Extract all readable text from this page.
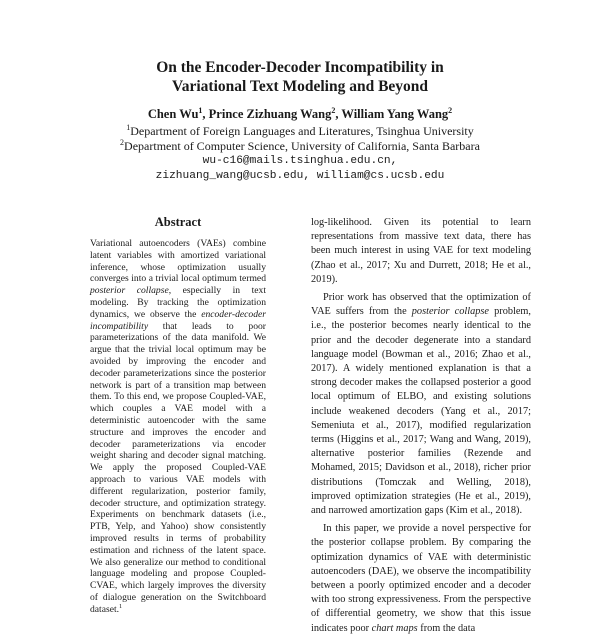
On the Encoder-Decoder Incompatibility in
Variational Text Modeling and Beyond
Chen Wu$^1$, Prince Zizhuang Wang$^2$, William Yang Wang$^2$
$^1$Department of Foreign Languages and Literatures, Tsinghua University
$^2$Department of Computer Science, University of California, Santa Barbara
wu-c16@mails.tsinghua.edu.cn,
zizhuang_wang@ucsb.edu, william@cs.ucsb.edu
Abstract
Variational autoencoders (VAEs) combine latent variables with amortized variational inference, whose optimization usually converges into a trivial local optimum termed posterior collapse, especially in text modeling. By tracking the optimization dynamics, we observe the encoder-decoder incompatibility that leads to poor parameterizations of the data manifold. We argue that the trivial local optimum may be avoided by improving the encoder and decoder parameterizations since the posterior network is part of a transition map between them. To this end, we propose Coupled-VAE, which couples a VAE model with a deterministic autoencoder with the same structure and improves the encoder and decoder parameterizations via encoder weight sharing and decoder signal matching. We apply the proposed Coupled-VAE approach to various VAE models with different regularization, posterior family, decoder structure, and optimization strategy. Experiments on benchmark datasets (i.e., PTB, Yelp, and Yahoo) show consistently improved results in terms of probability estimation and richness of the latent space. We also generalize our method to conditional language modeling and propose Coupled-CVAE, which largely improves the diversity of dialogue generation on the Switchboard dataset.$^1$

log-likelihood. Given its potential to learn representations from massive text data, there has been much interest in using VAE for text modeling (Zhao et al., 2017; Xu and Durrett, 2018; He et al., 2019).

Prior work has observed that the optimization of VAE suffers from the posterior collapse problem, i.e., the posterior becomes nearly identical to the prior and the decoder degenerate into a standard language model (Bowman et al., 2016; Zhao et al., 2017). A widely mentioned explanation is that a strong decoder makes the collapsed posterior a good local optimum of ELBO, and existing solutions include weakened decoders (Yang et al., 2017; Semeniuta et al., 2017), modified regularization terms (Higgins et al., 2017; Wang and Wang, 2019), alternative posterior families (Rezende and Mohamed, 2015; Davidson et al., 2018), richer prior distributions (Tomczak and Welling, 2018), improved optimization strategies (He et al., 2019), and narrowed amortization gaps (Kim et al., 2018).

In this paper, we provide a novel perspective for the posterior collapse problem. By comparing the optimization dynamics of VAE with deterministic autoencoders (DAE), we observe the incompatibility between a poorly optimized encoder and a decoder with too strong expressiveness. From the perspective of differential geometry, we show that this issue indicates poor chart maps from the data
